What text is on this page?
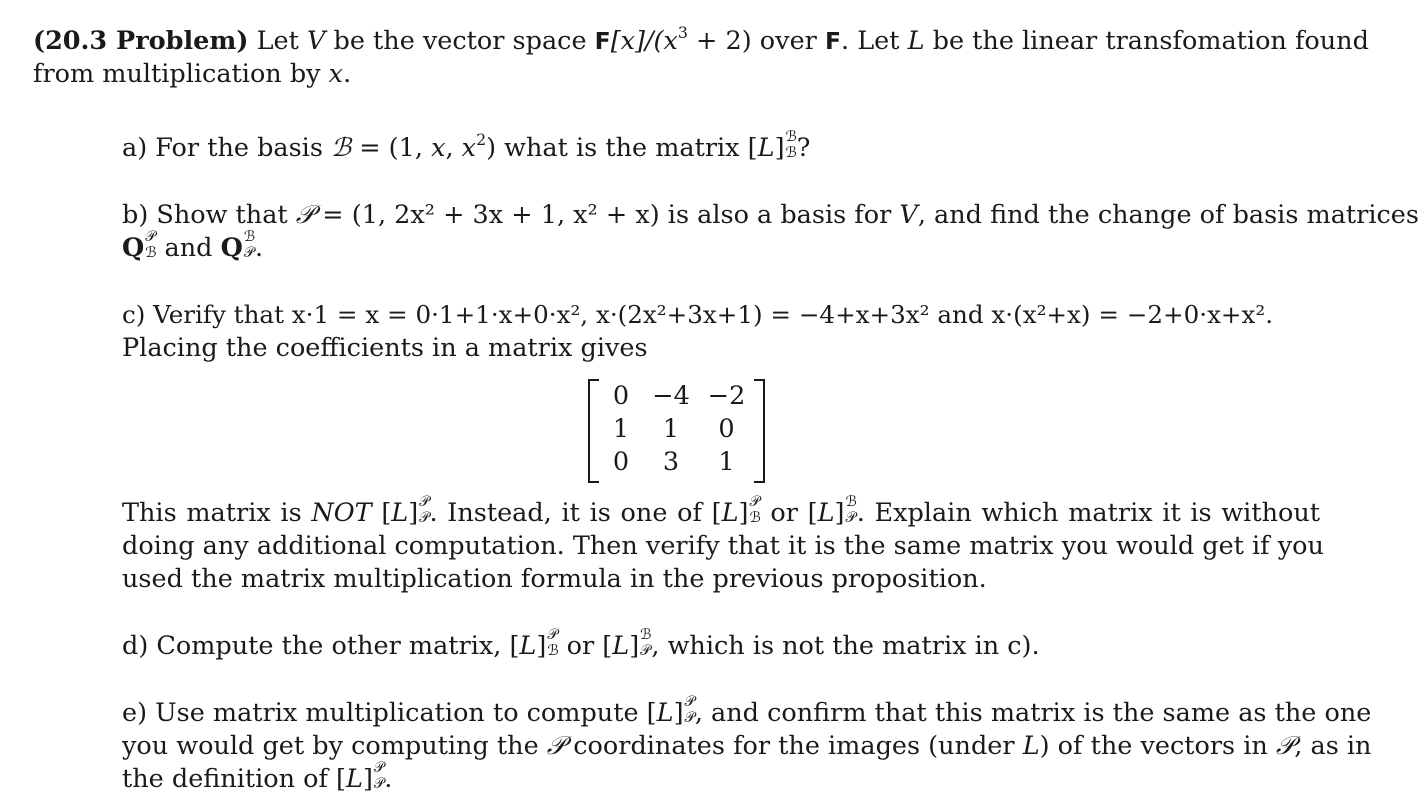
(20.3 Problem) Let V be the vector space $F[x]/(x^3 + 2)$ over F. Let L be the linear transfomation found
from multiplication by x.
a) For the basis ℬ = (1, x, $x^2$) what is the matrix [L] ℬ
ℬ ?
b) Show that 𝒫 = (1, 2x² + 3x + 1, x² + x) is also a basis for V, and find the change of basis matrices
Q 𝒫
ℬ and Q ℬ
𝒫 .
c) Verify that x·1 = x = 0·1+1·x+0·x², x·(2x²+3x+1) = −4+x+3x² and x·(x²+x) = −2+0·x+x².
Placing the coefficients in a matrix gives
0 −4 −2
1	1	0
0	3	1
This matrix is NOT [L] 𝒫
𝒫 . Instead, it is one of [L] 𝒫
ℬ or [L] ℬ
𝒫 . Explain which matrix it is without
doing any additional computation. Then verify that it is the same matrix you would get if you
used the matrix multiplication formula in the previous proposition.
d) Compute the other matrix, [L] 𝒫
ℬ or [L] ℬ
𝒫 , which is not the matrix in c).
e) Use matrix multiplication to compute [L] 𝒫
𝒫 , and confirm that this matrix is the same as the one
you would get by computing the 𝒫 coordinates for the images (under L) of the vectors in 𝒫, as in
the definition of [L] 𝒫
𝒫 .
